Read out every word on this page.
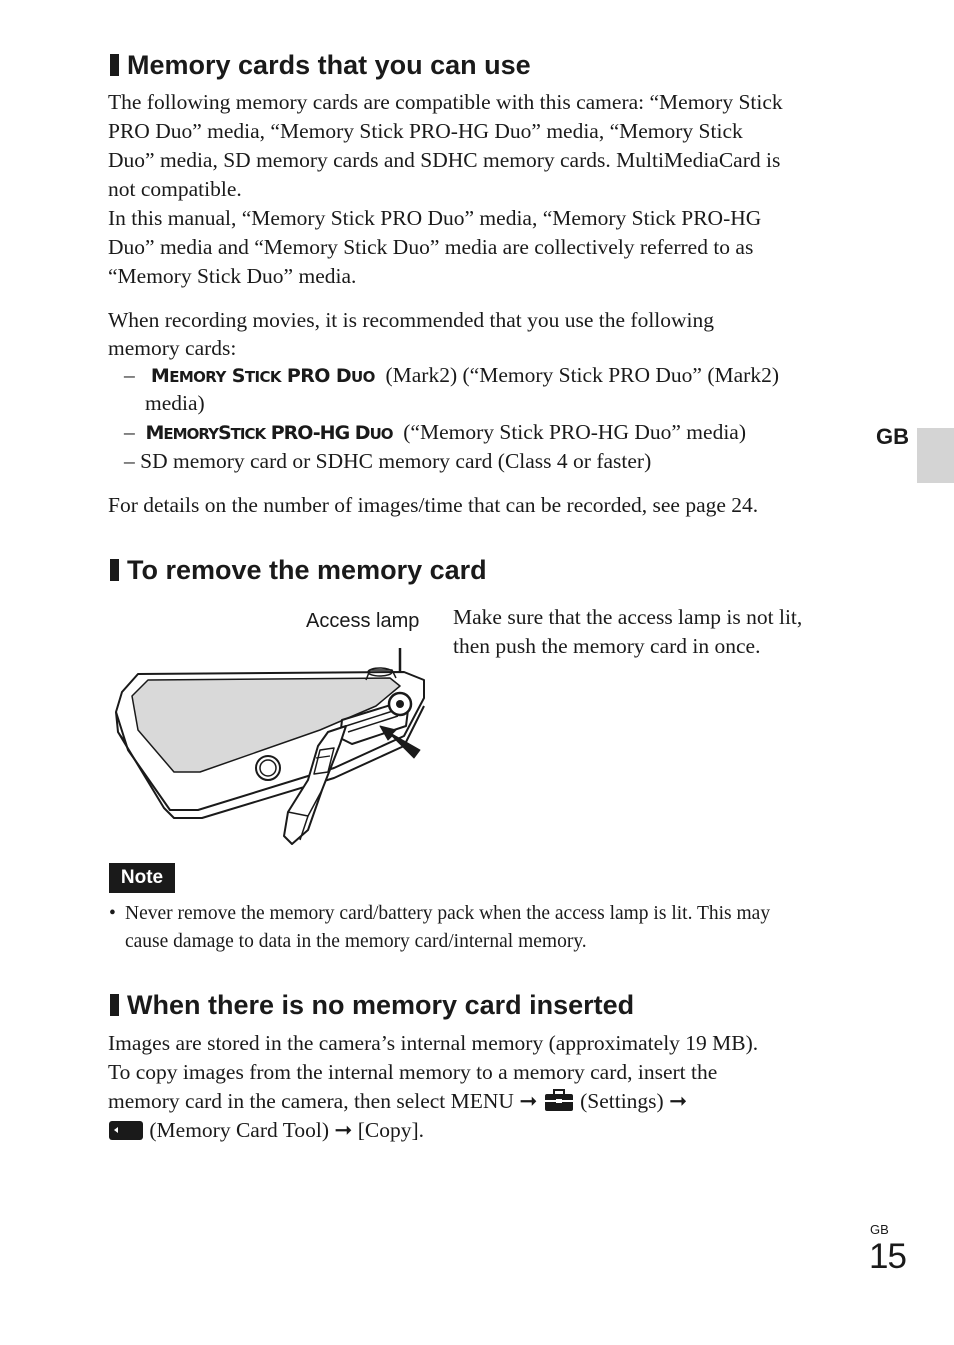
Memory cards that you can use
The following memory cards are compatible with this camera: “Memory Stick
PRO Duo” media, “Memory Stick PRO-HG Duo” media, “Memory Stick
Duo” media, SD memory cards and SDHC memory cards. MultiMediaCard is
not compatible.
In this manual, “Memory Stick PRO Duo” media, “Memory Stick PRO-HG
Duo” media and “Memory Stick Duo” media are collectively referred to as
“Memory Stick Duo” media.
When recording movies, it is recommended that you use the following
memory cards:
– MEMORY STICK PRO DUO (Mark2) (“Memory Stick PRO Duo” (Mark2)
media)
– MEMORYSTICK PRO-HG DUO (“Memory Stick PRO-HG Duo” media)
– SD memory card or SDHC memory card (Class 4 or faster)
For details on the number of images/time that can be recorded, see page 24.
GB
To remove the memory card
Access lamp Make sure that the access lamp is not lit,
then push the memory card in once.
Note
• Never remove the memory card/battery pack when the access lamp is lit. This may
cause damage to data in the memory card/internal memory.
When there is no memory card inserted
Images are stored in the camera’s internal memory (approximately 19 MB).
To copy images from the internal memory to a memory card, insert the
memory card in the camera, then select MENU ➞ (Settings) ➞
(Memory Card Tool) ➞ [Copy].
GB
15
